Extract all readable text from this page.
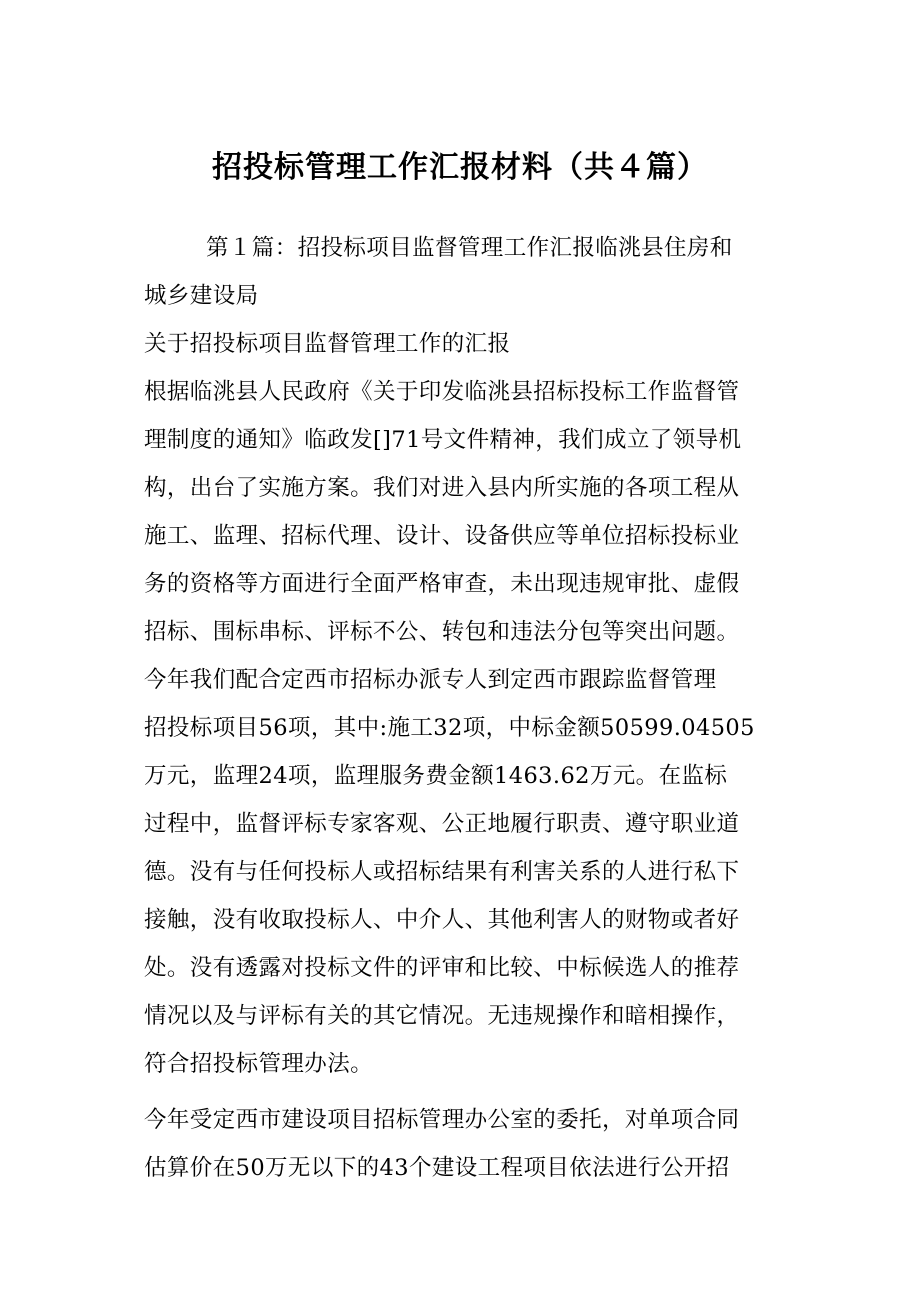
招投标管理工作汇报材料（共４篇）
第１篇：招投标项目监督管理工作汇报临洮县住房和
城乡建设局
关于招投标项目监督管理工作的汇报
根据临洮县人民政府《关于印发临洮县招标投标工作监督管
理制度的通知》临政发[]71号文件精神，我们成立了领导机
构，出台了实施方案。我们对进入县内所实施的各项工程从
施工、监理、招标代理、设计、设备供应等单位招标投标业
务的资格等方面进行全面严格审查，未出现违规审批、虚假
招标、围标串标、评标不公、转包和违法分包等突出问题。
今年我们配合定西市招标办派专人到定西市跟踪监督管理
招投标项目56项，其中:施工32项，中标金额50599.04505
万元，监理24项，监理服务费金额1463.62万元。在监标
过程中，监督评标专家客观、公正地履行职责、遵守职业道
德。没有与任何投标人或招标结果有利害关系的人进行私下
接触，没有收取投标人、中介人、其他利害人的财物或者好
处。没有透露对投标文件的评审和比较、中标候选人的推荐
情况以及与评标有关的其它情况。无违规操作和暗相操作，
符合招投标管理办法。
今年受定西市建设项目招标管理办公室的委托，对单项合同
估算价在50万无以下的43个建设工程项目依法进行公开招
